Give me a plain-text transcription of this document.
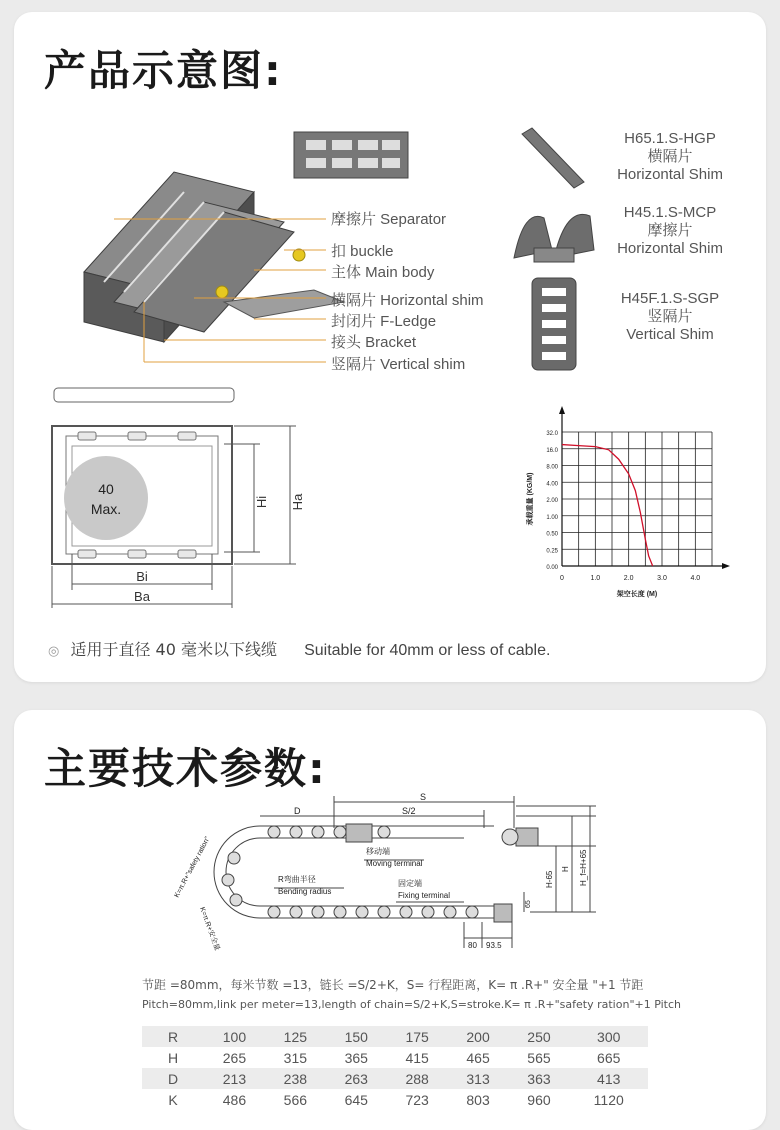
产品示意图:
摩擦片 Separator
扣 buckle
主体 Main body
横隔片 Horizontal shim
封闭片 F-Ledge
接头 Bracket
竖隔片 Vertical shim
H65.1.S-HGP
横隔片
Horizontal Shim
H45.1.S-MCP
摩擦片
Horizontal Shim
H45F.1.S-SGP
竖隔片
Vertical Shim
40
Max.
Bi
Ba
Hi Ha
0.00
0.25
0.50
1.00
2.00
4.00
8.00
16.0
32.0
0	1.0	2.0	3.0	4.0
架空长度 (M)
承载重量 (KG/M)
◎ 适用于直径 40 毫米以下线缆 Suitable for 40mm or less of cable.
主要技术参数:
S
S/2
D
K=π.R+"safety ration"
K=π.R+安全量
移动端
Moving terminal
R弯曲半径
Bending radius
固定端
Fixing terminal
H-65
H H_f=H+65
65
80 93.5
节距 =80mm，每米节数 =13，链长 =S/2+K，S= 行程距离，K= π .R+" 安全量 "+1 节距
Pitch=80mm,link per meter=13,length of chain=S/2+K,S=stroke.K= π .R+"safety ration"+1 Pitch
R	100	125	150	175	200	250	300
H	265	315	365	415	465	565	665
D	213	238	263	288	313	363	413
K	486	566	645	723	803	960	1120
